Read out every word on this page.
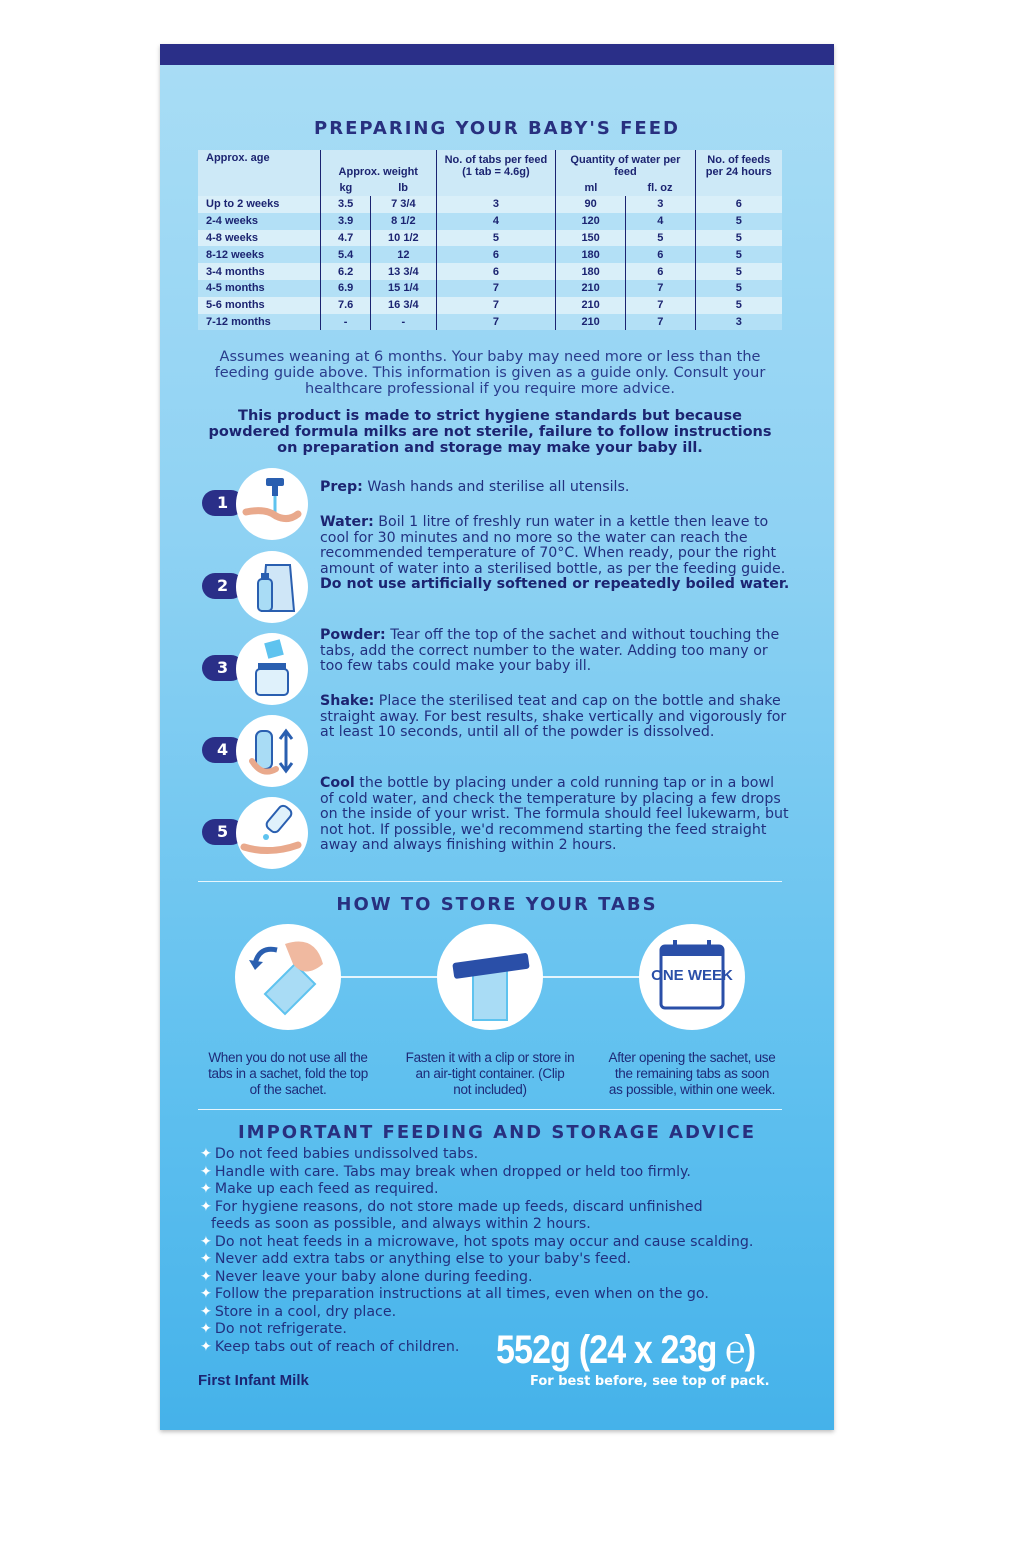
PREPARING YOUR BABY'S FEED
Approx. age	Approx. weight		No. of tabs per feed (1 tab = 4.6g)	Quantity of water per feed		No. of feeds per 24 hours
	kg	lb		ml	fl. oz	
Up to 2 weeks	3.5	7 3/4	3	90	3	6
2-4 weeks	3.9	8 1/2	4	120	4	5
4-8 weeks	4.7	10 1/2	5	150	5	5
8-12 weeks	5.4	12	6	180	6	5
3-4 months	6.2	13 3/4	6	180	6	5
4-5 months	6.9	15 1/4	7	210	7	5
5-6 months	7.6	16 3/4	7	210	7	5
7-12 months	-	-	7	210	7	3
Assumes weaning at 6 months. Your baby may need more or less than the feeding guide above. This information is given as a guide only. Consult your healthcare professional if you require more advice.
This product is made to strict hygiene standards but because powdered formula milks are not sterile, failure to follow instructions on preparation and storage may make your baby ill.
1
Prep: Wash hands and sterilise all utensils.
2
Water: Boil 1 litre of freshly run water in a kettle then leave to cool for 30 minutes and no more so the water can reach the recommended temperature of 70°C. When ready, pour the right amount of water into a sterilised bottle, as per the feeding guide. Do not use artificially softened or repeatedly boiled water.
3
Powder: Tear off the top of the sachet and without touching the tabs, add the correct number to the water. Adding too many or too few tabs could make your baby ill.
4
Shake: Place the sterilised teat and cap on the bottle and shake straight away. For best results, shake vertically and vigorously for at least 10 seconds, until all of the powder is dissolved.
5
Cool the bottle by placing under a cold running tap or in a bowl of cold water, and check the temperature by placing a few drops on the inside of your wrist. The formula should feel lukewarm, but not hot. If possible, we'd recommend starting the feed straight away and always finishing within 2 hours.
HOW TO STORE YOUR TABS
ONE WEEK
When you do not use all the tabs in a sachet, fold the top of the sachet.
Fasten it with a clip or store in an air-tight container. (Clip not included)
After opening the sachet, use the remaining tabs as soon as possible, within one week.
IMPORTANT FEEDING AND STORAGE ADVICE
✦ Do not feed babies undissolved tabs.
✦ Handle with care. Tabs may break when dropped or held too firmly.
✦ Make up each feed as required.
✦ For hygiene reasons, do not store made up feeds, discard unfinished
feeds as soon as possible, and always within 2 hours.
✦ Do not heat feeds in a microwave, hot spots may occur and cause scalding.
✦ Never add extra tabs or anything else to your baby's feed.
✦ Never leave your baby alone during feeding.
✦ Follow the preparation instructions at all times, even when on the go.
✦ Store in a cool, dry place.
✦ Do not refrigerate.
✦ Keep tabs out of reach of children. 552g (24 x 23g ℮)
For best before, see top of pack.
First Infant Milk
